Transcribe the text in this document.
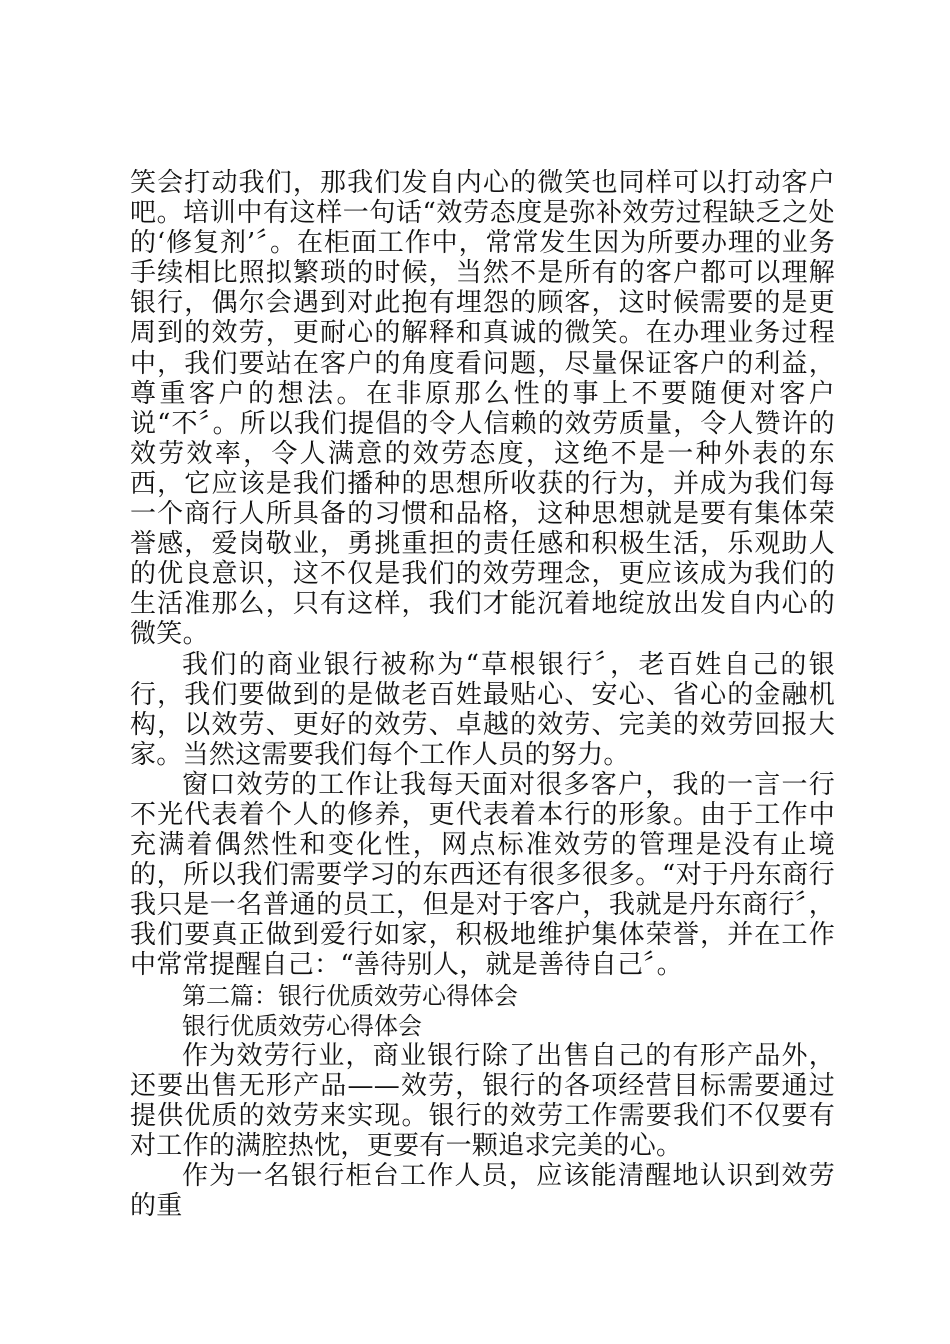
笑会打动我们，那我们发自内心的微笑也同样可以打动客户吧。培训中有这样一句话“效劳态度是弥补效劳过程缺乏之处的‘修复剂’〞。在柜面工作中，常常发生因为所要办理的业务手续相比照拟繁琐的时候，当然不是所有的客户都可以理解银行，偶尔会遇到对此抱有埋怨的顾客，这时候需要的是更周到的效劳，更耐心的解释和真诚的微笑。在办理业务过程中，我们要站在客户的角度看问题，尽量保证客户的利益，尊重客户的想法。在非原那么性的事上不要随便对客户说“不〞。所以我们提倡的令人信赖的效劳质量，令人赞许的效劳效率，令人满意的效劳态度，这绝不是一种外表的东西，它应该是我们播种的思想所收获的行为，并成为我们每一个商行人所具备的习惯和品格，这种思想就是要有集体荣誉感，爱岗敬业，勇挑重担的责任感和积极生活，乐观助人的优良意识，这不仅是我们的效劳理念，更应该成为我们的生活准那么，只有这样，我们才能沉着地绽放出发自内心的微笑。

我们的商业银行被称为“草根银行〞，老百姓自己的银行，我们要做到的是做老百姓最贴心、安心、省心的金融机构，以效劳、更好的效劳、卓越的效劳、完美的效劳回报大家。当然这需要我们每个工作人员的努力。

窗口效劳的工作让我每天面对很多客户，我的一言一行不光代表着个人的修养，更代表着本行的形象。由于工作中充满着偶然性和变化性，网点标准效劳的管理是没有止境的，所以我们需要学习的东西还有很多很多。“对于丹东商行我只是一名普通的员工，但是对于客户，我就是丹东商行〞，我们要真正做到爱行如家，积极地维护集体荣誉，并在工作中常常提醒自己：“善待别人，就是善待自己〞。

第二篇：银行优质效劳心得体会

银行优质效劳心得体会

作为效劳行业，商业银行除了出售自己的有形产品外，还要出售无形产品——效劳，银行的各项经营目标需要通过提供优质的效劳来实现。银行的效劳工作需要我们不仅要有对工作的满腔热忱，更要有一颗追求完美的心。

作为一名银行柜台工作人员，应该能清醒地认识到效劳的重
